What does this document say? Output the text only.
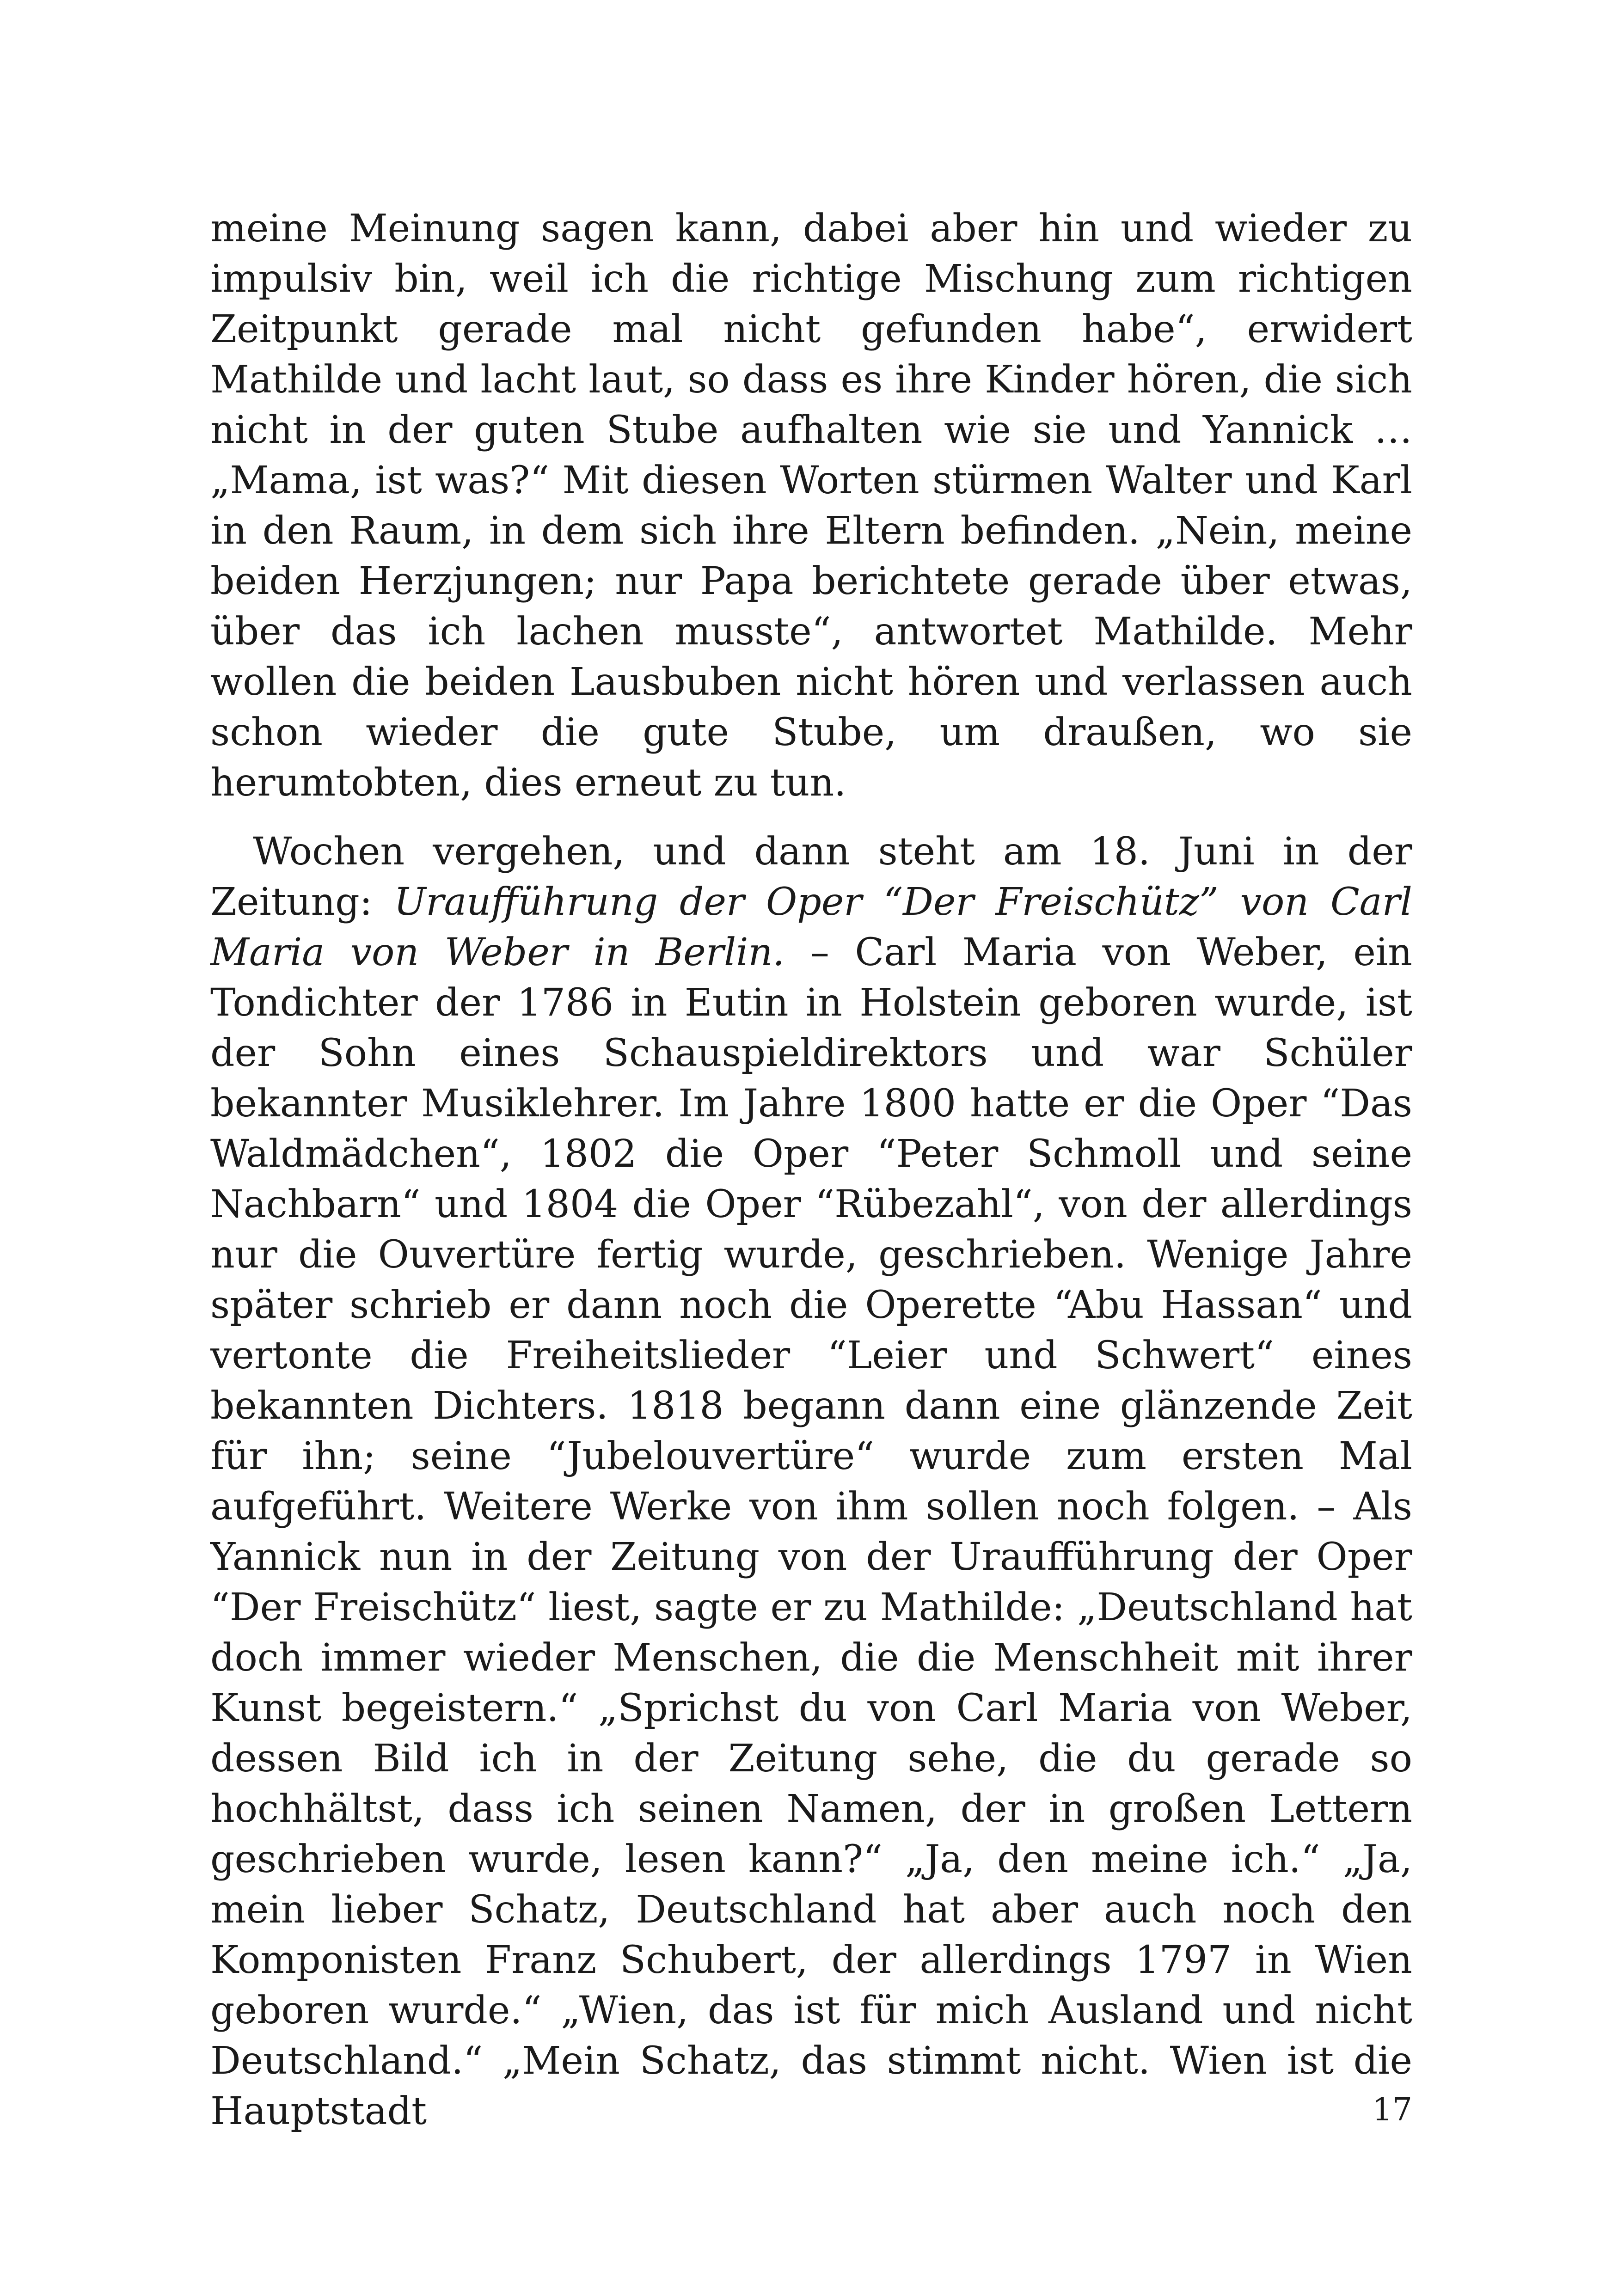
meine Meinung sagen kann, dabei aber hin und wieder zu impulsiv bin, weil ich die richtige Mischung zum richtigen Zeitpunkt gerade mal nicht gefunden habe“, erwidert Mathilde und lacht laut, so dass es ihre Kinder hören, die sich nicht in der guten Stube aufhalten wie sie und Yannick … „Mama, ist was?“ Mit diesen Worten stürmen Walter und Karl in den Raum, in dem sich ihre Eltern befinden. „Nein, meine beiden Herzjungen; nur Papa berichtete gerade über etwas, über das ich lachen musste“, antwortet Mathilde. Mehr wollen die beiden Lausbuben nicht hören und verlassen auch schon wieder die gute Stube, um draußen, wo sie herumtobten, dies erneut zu tun.

Wochen vergehen, und dann steht am 18. Juni in der Zeitung: Uraufführung der Oper “Der Freischütz” von Carl Maria von Weber in Berlin. – Carl Maria von Weber, ein Tondichter der 1786 in Eutin in Holstein geboren wurde, ist der Sohn eines Schauspieldirektors und war Schüler bekannter Musiklehrer. Im Jahre 1800 hatte er die Oper “Das Waldmädchen“, 1802 die Oper “Peter Schmoll und seine Nachbarn“ und 1804 die Oper “Rübezahl“, von der allerdings nur die Ouvertüre fertig wurde, geschrieben. Wenige Jahre später schrieb er dann noch die Operette “Abu Hassan“ und vertonte die Freiheitslieder “Leier und Schwert“ eines bekannten Dichters. 1818 begann dann eine glänzende Zeit für ihn; seine “Jubelouvertüre“ wurde zum ersten Mal aufgeführt. Weitere Werke von ihm sollen noch folgen. – Als Yannick nun in der Zeitung von der Uraufführung der Oper “Der Freischütz“ liest, sagte er zu Mathilde: „Deutschland hat doch immer wieder Menschen, die die Menschheit mit ihrer Kunst begeistern.“ „Sprichst du von Carl Maria von Weber, dessen Bild ich in der Zeitung sehe, die du gerade so hochhältst, dass ich seinen Namen, der in großen Lettern geschrieben wurde, lesen kann?“ „Ja, den meine ich.“ „Ja, mein lieber Schatz, Deutschland hat aber auch noch den Komponisten Franz Schubert, der allerdings 1797 in Wien geboren wurde.“ „Wien, das ist für mich Ausland und nicht Deutschland.“ „Mein Schatz, das stimmt nicht. Wien ist die Hauptstadt	17
